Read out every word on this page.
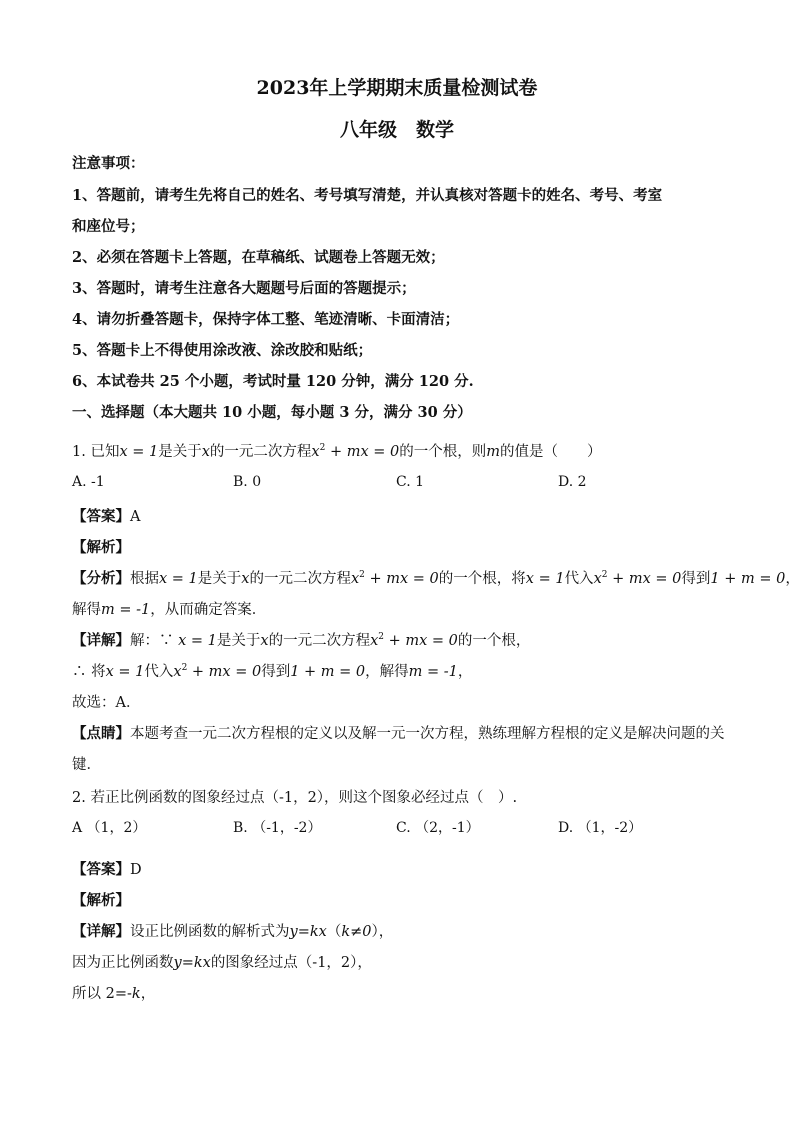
2023年上学期期末质量检测试卷
八年级　数学
注意事项：
1、答题前，请考生先将自己的姓名、考号填写清楚，并认真核对答题卡的姓名、考号、考室
和座位号；
2、必须在答题卡上答题，在草稿纸、试题卷上答题无效；
3、答题时，请考生注意各大题题号后面的答题提示；
4、请勿折叠答题卡，保持字体工整、笔迹清晰、卡面清洁；
5、答题卡上不得使用涂改液、涂改胶和贴纸；
6、本试卷共 25 个小题，考试时量 120 分钟，满分 120 分.
一、选择题（本大题共 10 小题，每小题 3 分，满分 30 分）
1. 已知x = 1是关于x的一元二次方程$x^2$ + mx = 0的一个根，则m的值是（　　）
A. -1	B. 0	C. 1	D. 2
【答案】A
【解析】
【分析】根据x = 1是关于x的一元二次方程$x^2$ + mx = 0的一个根，将x = 1代入$x^2$ + mx = 0得到1 + m = 0，
解得m = -1，从而确定答案．
【详解】解：∵ x = 1是关于x的一元二次方程$x^2$ + mx = 0的一个根，
∴ 将x = 1代入$x^2$ + mx = 0得到1 + m = 0，解得m = -1，
故选：A．
【点睛】本题考查一元二次方程根的定义以及解一元一次方程，熟练理解方程根的定义是解决问题的关
键．
2. 若正比例函数的图象经过点（-1，2），则这个图象必经过点（　）.
A （1，2）	B. （-1，-2）	C. （2，-1）	D. （1，-2）
【答案】D
【解析】
【详解】设正比例函数的解析式为y=kx（k≠0），
因为正比例函数y=kx的图象经过点（-1，2），
所以 2=-k，
